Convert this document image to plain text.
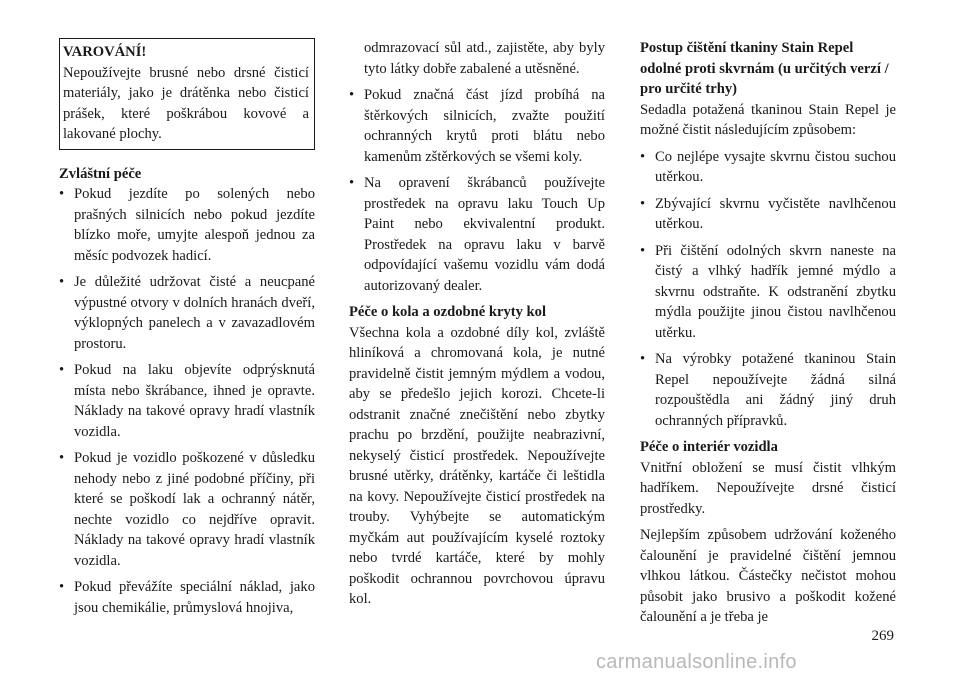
VAROVÁNÍ!
Nepoužívejte brusné nebo drsné čisticí materiály, jako je drátěnka nebo čisticí prášek, které poškrábou kovové a lakované plochy.
Zvláštní péče
• Pokud jezdíte po solených nebo prašných silnicích nebo pokud jezdíte blízko moře, umyjte alespoň jednou za měsíc podvozek hadicí.
• Je důležité udržovat čisté a neucpané výpustné otvory v dolních hranách dveří, výklopných panelech a v zavazadlovém prostoru.
• Pokud na laku objevíte odprýsknutá místa nebo škrábance, ihned je opravte. Náklady na takové opravy hradí vlastník vozidla.
• Pokud je vozidlo poškozené v důsledku nehody nebo z jiné podobné příčiny, při které se poškodí lak a ochranný nátěr, nechte vozidlo co nejdříve opravit. Náklady na takové opravy hradí vlastník vozidla.
• Pokud převážíte speciální náklad, jako jsou chemikálie, průmyslová hnojiva,
odmrazovací sůl atd., zajistěte, aby byly tyto látky dobře zabalené a utěsněné.
• Pokud značná část jízd probíhá na štěrkových silnicích, zvažte použití ochranných krytů proti blátu nebo kamenům zštěrkových se všemi koly.
• Na opravení škrábanců používejte prostředek na opravu laku Touch Up Paint nebo ekvivalentní produkt. Prostředek na opravu laku v barvě odpovídající vašemu vozidlu vám dodá autorizovaný dealer.
Péče o kola a ozdobné kryty kol

Všechna kola a ozdobné díly kol, zvláště hliníková a chromovaná kola, je nutné pravidelně čistit jemným mýdlem a vodou, aby se předešlo jejich korozi. Chcete-li odstranit značné znečištění nebo zbytky prachu po brzdění, použijte neabrazivní, nekyselý čisticí prostředek. Nepoužívejte brusné utěrky, drátěnky, kartáče či leštidla na kovy. Nepoužívejte čisticí prostředek na trouby. Vyhýbejte se automatickým myčkám aut používajícím kyselé roztoky nebo tvrdé kartáče, které by mohly poškodit ochrannou povrchovou úpravu kol.

Postup čištění tkaniny Stain Repel odolné proti skvrnám (u určitých verzí / pro určité trhy)

Sedadla potažená tkaninou Stain Repel je možné čistit následujícím způsobem:

• Co nejlépe vysajte skvrnu čistou suchou utěrkou.
• Zbývající skvrnu vyčistěte navlhčenou utěrkou.
• Při čištění odolných skvrn naneste na čistý a vlhký hadřík jemné mýdlo a skvrnu odstraňte. K odstranění zbytku mýdla použijte jinou čistou navlhčenou utěrku.
• Na výrobky potažené tkaninou Stain Repel nepoužívejte žádná silná rozpouštědla ani žádný jiný druh ochranných přípravků.
Péče o interiér vozidla

Vnitřní obložení se musí čistit vlhkým hadříkem. Nepoužívejte drsné čisticí prostředky.

Nejlepším způsobem udržování koženého čalounění je pravidelné čištění jemnou vlhkou látkou. Částečky nečistot mohou působit jako brusivo a poškodit kožené čalounění a je třeba je

269
carmanualsonline.info
